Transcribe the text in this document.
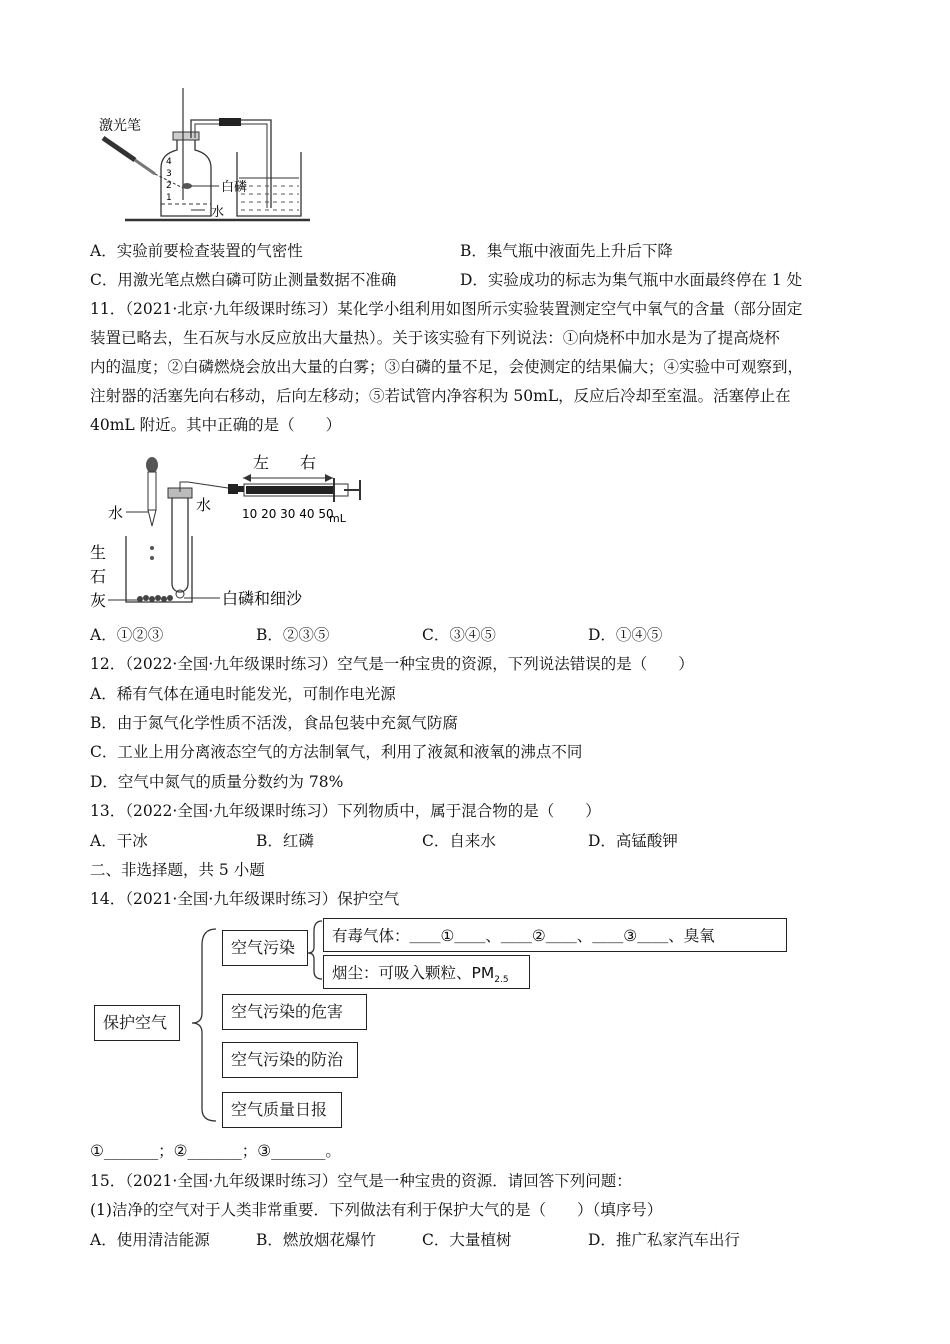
激光笔
4
3
2
1
白磷
水
A．实验前要检查装置的气密性	B．集气瓶中液面先上升后下降
C．用激光笔点燃白磷可防止测量数据不准确	D．实验成功的标志为集气瓶中水面最终停在 1 处
11．（2021·北京·九年级课时练习）某化学小组利用如图所示实验装置测定空气中氧气的含量（部分固定
装置已略去，生石灰与水反应放出大量热）。关于该实验有下列说法：①向烧杯中加水是为了提高烧杯
内的温度；②白磷燃烧会放出大量的白雾；③白磷的量不足，会使测定的结果偏大；④实验中可观察到，
注射器的活塞先向右移动，后向左移动；⑤若试管内净容积为 50mL，反应后冷却至室温。活塞停止在
40mL 附近。其中正确的是（　　）
左 右
水	水	10 20 30 40 50
mL
生
石
灰	白磷和细沙
A．①②③	B．②③⑤	C．③④⑤	D．①④⑤
12．（2022·全国·九年级课时练习）空气是一种宝贵的资源，下列说法错误的是（　　）
A．稀有气体在通电时能发光，可制作电光源
B．由于氮气化学性质不活泼，食品包装中充氮气防腐
C．工业上用分离液态空气的方法制氧气，利用了液氮和液氧的沸点不同
D．空气中氮气的质量分数约为 78%
13．（2022·全国·九年级课时练习）下列物质中，属于混合物的是（　　）
A．干冰	B．红磷	C．自来水	D．高锰酸钾
二、非选择题，共 5 小题
14．（2021·全国·九年级课时练习）保护空气
保护空气
空气污染
有毒气体：＿＿①＿＿、＿＿②＿＿、＿＿③＿＿、臭氧
烟尘：可吸入颗粒、$PM_{2.5}$
空气污染的危害
空气污染的防治
空气质量日报
①_______；②_______；③_______。
15．（2021·全国·九年级课时练习）空气是一种宝贵的资源．请回答下列问题：
(1)洁净的空气对于人类非常重要．下列做法有利于保护大气的是（　　）（填序号）
A．使用清洁能源	B．燃放烟花爆竹	C．大量植树	D．推广私家汽车出行
